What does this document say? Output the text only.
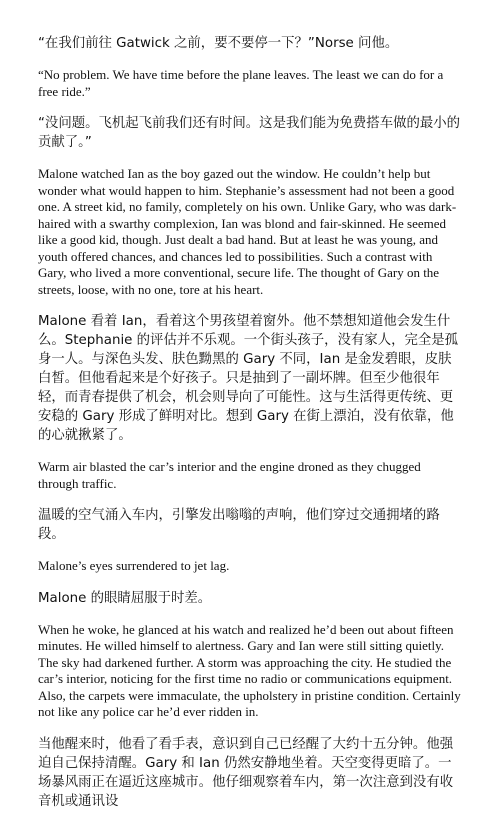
“在我们前往 Gatwick 之前，要不要停一下？”Norse 问他。

“No problem. We have time before the plane leaves. The least we can do for a free ride.”

“没问题。飞机起飞前我们还有时间。这是我们能为免费搭车做的最小的贡献了。”

Malone watched Ian as the boy gazed out the window. He couldn’t help but wonder what would happen to him. Stephanie’s assessment had not been a good one. A street kid, no family, completely on his own. Unlike Gary, who was dark-haired with a swarthy complexion, Ian was blond and fair-skinned. He seemed like a good kid, though. Just dealt a bad hand. But at least he was young, and youth offered chances, and chances led to possibilities. Such a contrast with Gary, who lived a more conventional, secure life. The thought of Gary on the streets, loose, with no one, tore at his heart.

Malone 看着 Ian，看着这个男孩望着窗外。他不禁想知道他会发生什么。Stephanie 的评估并不乐观。一个街头孩子，没有家人，完全是孤身一人。与深色头发、肤色黝黑的 Gary 不同，Ian 是金发碧眼，皮肤白皙。但他看起来是个好孩子。只是抽到了一副坏牌。但至少他很年轻，而青春提供了机会，机会则导向了可能性。这与生活得更传统、更安稳的 Gary 形成了鲜明对比。想到 Gary 在街上漂泊，没有依靠，他的心就揪紧了。

Warm air blasted the car’s interior and the engine droned as they chugged through traffic.

温暖的空气涌入车内，引擎发出嗡嗡的声响，他们穿过交通拥堵的路段。

Malone’s eyes surrendered to jet lag.

Malone 的眼睛屈服于时差。

When he woke, he glanced at his watch and realized he’d been out about fifteen minutes. He willed himself to alertness. Gary and Ian were still sitting quietly. The sky had darkened further. A storm was approaching the city. He studied the car’s interior, noticing for the first time no radio or communications equipment. Also, the carpets were immaculate, the upholstery in pristine condition. Certainly not like any police car he’d ever ridden in.

当他醒来时，他看了看手表，意识到自己已经醒了大约十五分钟。他强迫自己保持清醒。Gary 和 Ian 仍然安静地坐着。天空变得更暗了。一场暴风雨正在逼近这座城市。他仔细观察着车内，第一次注意到没有收音机或通讯设
